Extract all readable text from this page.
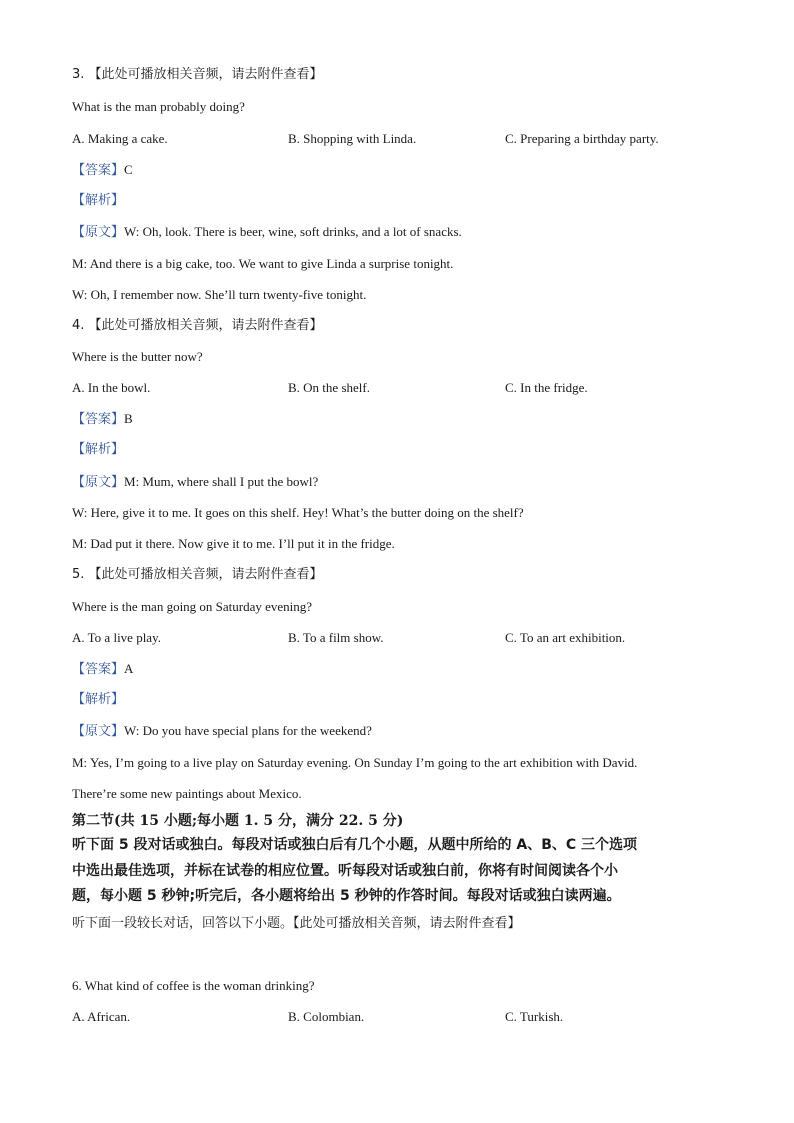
3. 【此处可播放相关音频，请去附件查看】
What is the man probably doing?
A. Making a cake.	B. Shopping with Linda.	C. Preparing a birthday party.
【答案】C
【解析】
【原文】W: Oh, look. There is beer, wine, soft drinks, and a lot of snacks.
M: And there is a big cake, too. We want to give Linda a surprise tonight.
W: Oh, I remember now. She’ll turn twenty-five tonight.
4. 【此处可播放相关音频，请去附件查看】
Where is the butter now?
A. In the bowl.	B. On the shelf.	C. In the fridge.
【答案】B
【解析】
【原文】M: Mum, where shall I put the bowl?
W: Here, give it to me. It goes on this shelf. Hey! What’s the butter doing on the shelf?
M: Dad put it there. Now give it to me. I’ll put it in the fridge.
5. 【此处可播放相关音频，请去附件查看】
Where is the man going on Saturday evening?
A. To a live play.	B. To a film show.	C. To an art exhibition.
【答案】A
【解析】
【原文】W: Do you have special plans for the weekend?
M: Yes, I’m going to a live play on Saturday evening. On Sunday I’m going to the art exhibition with David.
There’re some new paintings about Mexico.
第二节(共 15 小题;每小题 1. 5 分，满分 22. 5 分)
听下面 5 段对话或独白。每段对话或独白后有几个小题，从题中所给的 A、B、C 三个选项
中选出最佳选项，并标在试卷的相应位置。听每段对话或独白前，你将有时间阅读各个小
题，每小题 5 秒钟;听完后，各小题将给出 5 秒钟的作答时间。每段对话或独白读两遍。
听下面一段较长对话，回答以下小题。【此处可播放相关音频，请去附件查看】
6. What kind of coffee is the woman drinking?
A. African.	B. Colombian.	C. Turkish.
